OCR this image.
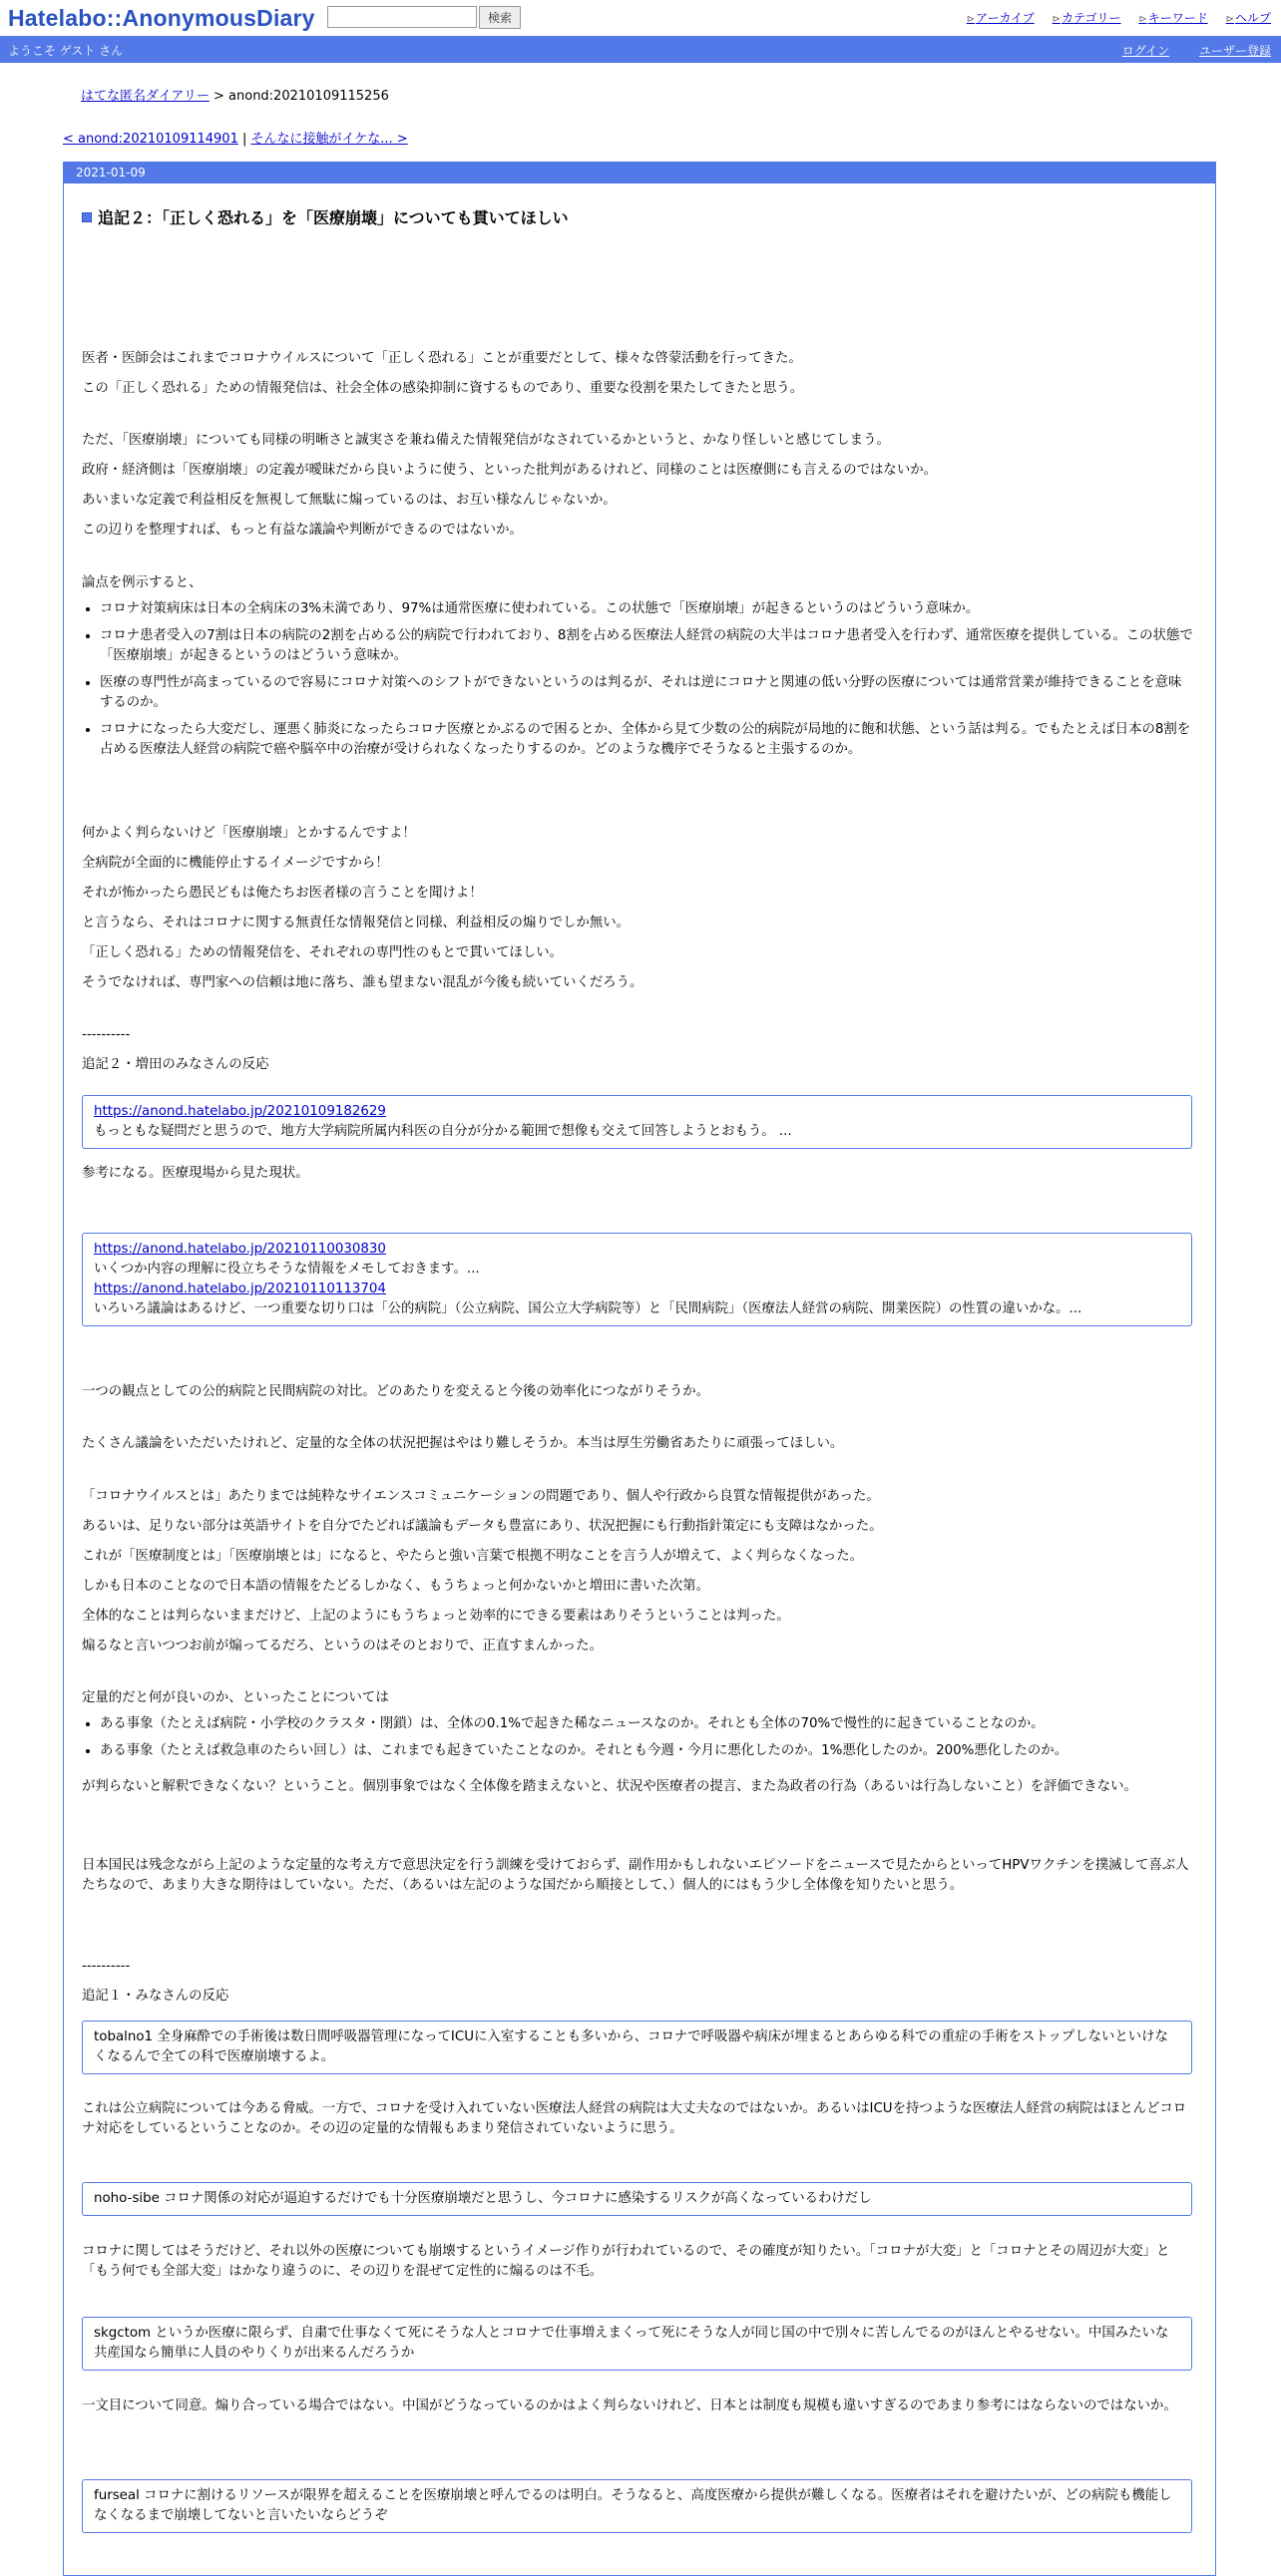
Hatelabo::AnonymousDiary	検索	⊳アーカイブ ⊳カテゴリー ⊳キーワード ⊳ヘルプ
ようこそ ゲスト さん	ログイン ユーザー登録
はてな匿名ダイアリー > anond:20210109115256
< anond:20210109114901 | そんなに接触がイケな... >
2021-01-09
追記２：「正しく恐れる」を「医療崩壊」についても貫いてほしい

医者・医師会はこれまでコロナウイルスについて「正しく恐れる」ことが重要だとして、様々な啓蒙活動を行ってきた。

この「正しく恐れる」ための情報発信は、社会全体の感染抑制に資するものであり、重要な役割を果たしてきたと思う。

ただ、「医療崩壊」についても同様の明晰さと誠実さを兼ね備えた情報発信がなされているかというと、かなり怪しいと感じてしまう。

政府・経済側は「医療崩壊」の定義が曖昧だから良いように使う、といった批判があるけれど、同様のことは医療側にも言えるのではないか。

あいまいな定義で利益相反を無視して無駄に煽っているのは、お互い様なんじゃないか。

この辺りを整理すれば、もっと有益な議論や判断ができるのではないか。

論点を例示すると、

• コロナ対策病床は日本の全病床の3%未満であり、97%は通常医療に使われている。この状態で「医療崩壊」が起きるというのはどういう意味か。
• コロナ患者受入の7割は日本の病院の2割を占める公的病院で行われており、8割を占める医療法人経営の病院の大半はコロナ患者受入を行わず、通常医療を提供している。この状態で「医療崩壊」が起きるというのはどういう意味か。
• 医療の専門性が高まっているので容易にコロナ対策へのシフトができないというのは判るが、それは逆にコロナと関連の低い分野の医療については通常営業が維持できることを意味するのか。
• コロナになったら大変だし、運悪く肺炎になったらコロナ医療とかぶるので困るとか、全体から見て少数の公的病院が局地的に飽和状態、という話は判る。でもたとえば日本の8割を占める医療法人経営の病院で癌や脳卒中の治療が受けられなくなったりするのか。どのような機序でそうなると主張するのか。

何かよく判らないけど「医療崩壊」とかするんですよ！

全病院が全面的に機能停止するイメージですから！

それが怖かったら愚民どもは俺たちお医者様の言うことを聞けよ！

と言うなら、それはコロナに関する無責任な情報発信と同様、利益相反の煽りでしか無い。

「正しく恐れる」ための情報発信を、それぞれの専門性のもとで貫いてほしい。

そうでなければ、専門家への信頼は地に落ち、誰も望まない混乱が今後も続いていくだろう。

----------

追記２・増田のみなさんの反応

https://anond.hatelabo.jp/20210109182629
もっともな疑問だと思うので、地方大学病院所属内科医の自分が分かる範囲で想像も交えて回答しようとおもう。 ...

参考になる。医療現場から見た現状。

https://anond.hatelabo.jp/20210110030830
いくつか内容の理解に役立ちそうな情報をメモしておきます。...
https://anond.hatelabo.jp/20210110113704
いろいろ議論はあるけど、一つ重要な切り口は「公的病院」（公立病院、国公立大学病院等）と「民間病院」（医療法人経営の病院、開業医院）の性質の違いかな。...

一つの観点としての公的病院と民間病院の対比。どのあたりを変えると今後の効率化につながりそうか。

たくさん議論をいただいたけれど、定量的な全体の状況把握はやはり難しそうか。本当は厚生労働省あたりに頑張ってほしい。

「コロナウイルスとは」あたりまでは純粋なサイエンスコミュニケーションの問題であり、個人や行政から良質な情報提供があった。

あるいは、足りない部分は英語サイトを自分でたどれば議論もデータも豊富にあり、状況把握にも行動指針策定にも支障はなかった。

これが「医療制度とは」「医療崩壊とは」になると、やたらと強い言葉で根拠不明なことを言う人が増えて、よく判らなくなった。

しかも日本のことなので日本語の情報をたどるしかなく、もうちょっと何かないかと増田に書いた次第。

全体的なことは判らないままだけど、上記のようにもうちょっと効率的にできる要素はありそうということは判った。

煽るなと言いつつお前が煽ってるだろ、というのはそのとおりで、正直すまんかった。

定量的だと何が良いのか、といったことについては

• ある事象（たとえば病院・小学校のクラスタ・閉鎖）は、全体の0.1%で起きた稀なニュースなのか。それとも全体の70%で慢性的に起きていることなのか。
• ある事象（たとえば救急車のたらい回し）は、これまでも起きていたことなのか。それとも今週・今月に悪化したのか。1%悪化したのか。200%悪化したのか。

が判らないと解釈できなくない？ということ。個別事象ではなく全体像を踏まえないと、状況や医療者の提言、また為政者の行為（あるいは行為しないこと）を評価できない。

日本国民は残念ながら上記のような定量的な考え方で意思決定を行う訓練を受けておらず、副作用かもしれないエピソードをニュースで見たからといってHPVワクチンを撲滅して喜ぶ人たちなので、あまり大きな期待はしていない。ただ、（あるいは左記のような国だから順接として、）個人的にはもう少し全体像を知りたいと思う。

----------

追記１・みなさんの反応

tobalno1 全身麻酔での手術後は数日間呼吸器管理になってICUに入室することも多いから、コロナで呼吸器や病床が埋まるとあらゆる科での重症の手術をストップしないといけなくなるんで全ての科で医療崩壊するよ。

これは公立病院については今ある脅威。一方で、コロナを受け入れていない医療法人経営の病院は大丈夫なのではないか。あるいはICUを持つような医療法人経営の病院はほとんどコロナ対応をしているということなのか。その辺の定量的な情報もあまり発信されていないように思う。

noho-sibe コロナ関係の対応が逼迫するだけでも十分医療崩壊だと思うし、今コロナに感染するリスクが高くなっているわけだし

コロナに関してはそうだけど、それ以外の医療についても崩壊するというイメージ作りが行われているので、その確度が知りたい。「コロナが大変」と「コロナとその周辺が大変」と「もう何でも全部大変」はかなり違うのに、その辺りを混ぜて定性的に煽るのは不毛。

skgctom というか医療に限らず、自粛で仕事なくて死にそうな人とコロナで仕事増えまくって死にそうな人が同じ国の中で別々に苦しんでるのがほんとやるせない。中国みたいな共産国なら簡単に人員のやりくりが出来るんだろうか

一文目について同意。煽り合っている場合ではない。中国がどうなっているのかはよく判らないけれど、日本とは制度も規模も違いすぎるのであまり参考にはならないのではないか。

furseal コロナに割けるリソースが限界を超えることを医療崩壊と呼んでるのは明白。そうなると、高度医療から提供が難しくなる。医療者はそれを避けたいが、どの病院も機能しなくなるまで崩壊してないと言いたいならどうぞ
